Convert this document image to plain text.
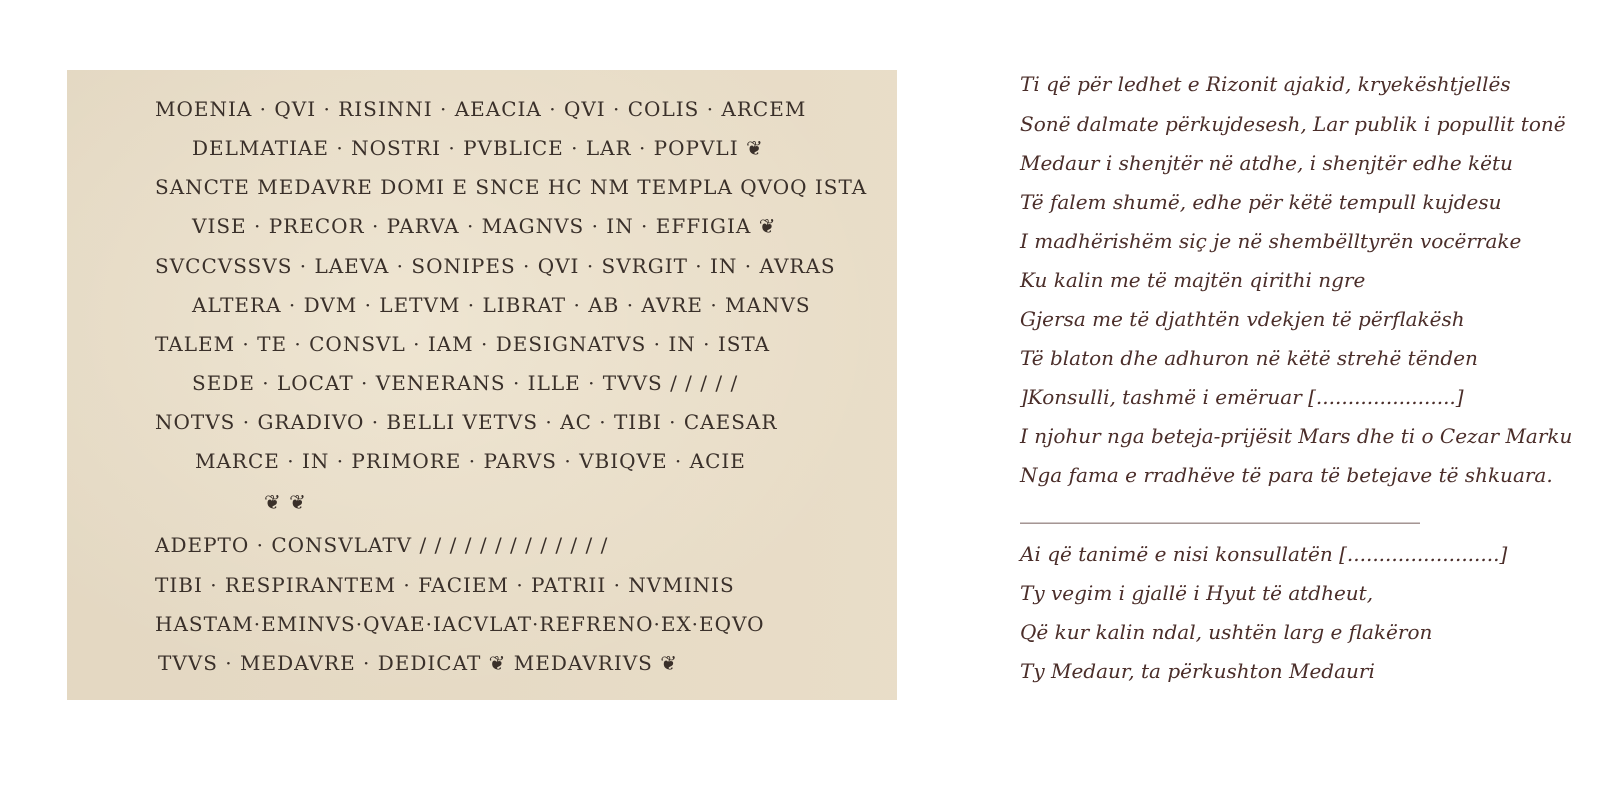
MOENIA · QVI · RISINNI · AEACIA · QVI · COLIS · ARCEM
DELMATIAE · NOSTRI · PVBLICE · LAR · POPVLI ❦
SANCTE MEDAVRE DOMI E SNCE HC NM TEMPLA QVOQ ISTA
VISE · PRECOR · PARVA · MAGNVS · IN · EFFIGIA ❦
SVCCVSSVS · LAEVA · SONIPES · QVI · SVRGIT · IN · AVRAS
ALTERA · DVM · LETVM · LIBRAT · AB · AVRE · MANVS
TALEM · TE · CONSVL · IAM · DESIGNATVS · IN · ISTA
SEDE · LOCAT · VENERANS · ILLE · TVVS / / / / /
NOTVS · GRADIVO · BELLI VETVS · AC · TIBI · CAESAR
MARCE · IN · PRIMORE · PARVS · VBIQVE · ACIE
❦ ❦
ADEPTO · CONSVLATV / / / / / / / / / / / / /
TIBI · RESPIRANTEM · FACIEM · PATRII · NVMINIS
HASTAM·EMINVS·QVAE·IACVLAT·REFRENO·EX·EQVO
TVVS · MEDAVRE · DEDICAT ❦ MEDAVRIVS ❦
Ti që për ledhet e Rizonit ajakid, kryekështjellës
Sonë dalmate përkujdesesh, Lar publik i popullit tonë
Medaur i shenjtër në atdhe, i shenjtër edhe këtu
Të falem shumë, edhe për këtë tempull kujdesu
I madhërishëm siç je në shembëlltyrën vocërrake
Ku kalin me të majtën qirithi ngre
Gjersa me të djathtën vdekjen të përflakësh
Të blaton dhe adhuron në këtë strehë tënden
]Konsulli, tashmë i emëruar [......................]
I njohur nga beteja-prijësit Mars dhe ti o Cezar Marku
Nga fama e rradhëve të para të betejave të shkuara.
________________________________________
Ai që tanimë e nisi konsullatën [........................]
Ty vegim i gjallë i Hyut të atdheut,
Që kur kalin ndal, ushtën larg e flakëron
Ty Medaur, ta përkushton Medauri
